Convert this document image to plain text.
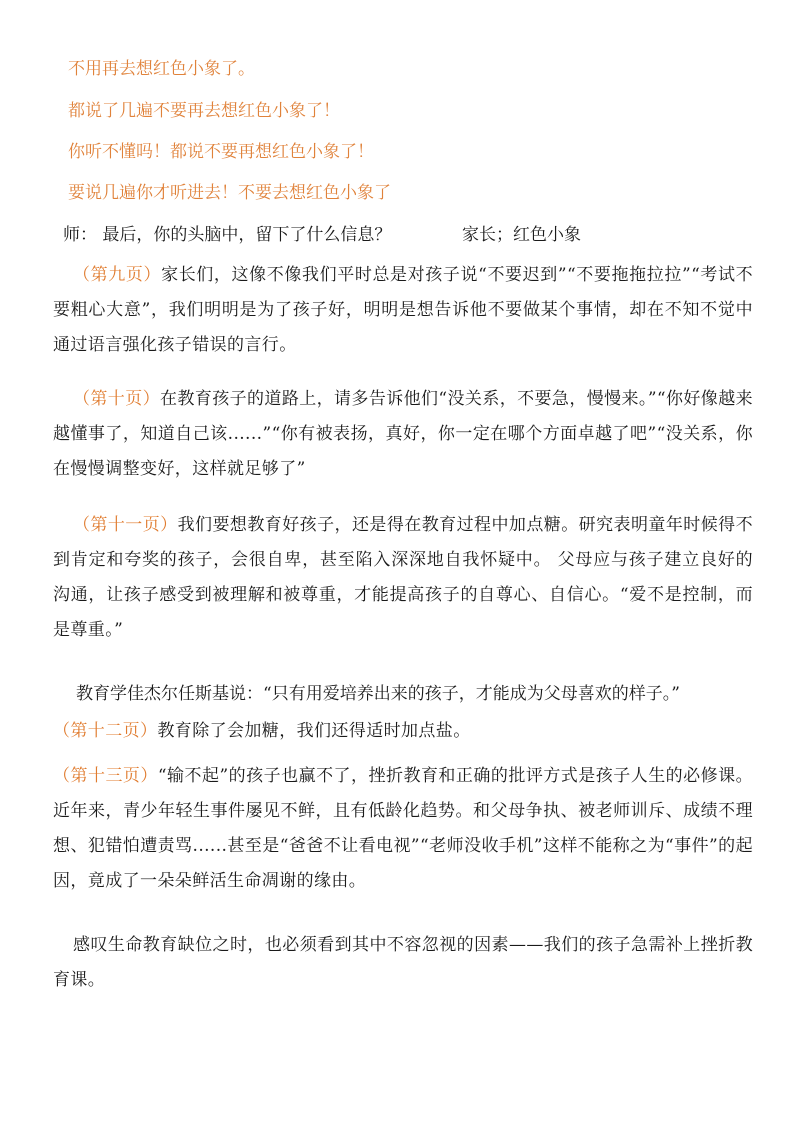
不用再去想红色小象了。
都说了几遍不要再去想红色小象了！
你听不懂吗！都说不要再想红色小象了！
要说几遍你才听进去！不要去想红色小象了
师： 最后，你的头脑中，留下了什么信息？	家长；红色小象
（第九页）家长们，这像不像我们平时总是对孩子说“不要迟到”“不要拖拖拉拉”“考试不要粗心大意”，我们明明是为了孩子好，明明是想告诉他不要做某个事情，却在不知不觉中通过语言强化孩子错误的言行。
（第十页）在教育孩子的道路上，请多告诉他们“没关系，不要急，慢慢来。”“你好像越来越懂事了，知道自己该......”“你有被表扬，真好，你一定在哪个方面卓越了吧”“没关系，你在慢慢调整变好，这样就足够了”
（第十一页）我们要想教育好孩子，还是得在教育过程中加点糖。研究表明童年时候得不到肯定和夸奖的孩子，会很自卑，甚至陷入深深地自我怀疑中。 父母应与孩子建立良好的沟通，让孩子感受到被理解和被尊重，才能提高孩子的自尊心、自信心。“爱不是控制，而是尊重。”
教育学佳杰尔任斯基说：“只有用爱培养出来的孩子，才能成为父母喜欢的样子。”
（第十二页）教育除了会加糖，我们还得适时加点盐。
（第十三页）“输不起”的孩子也赢不了，挫折教育和正确的批评方式是孩子人生的必修课。近年来，青少年轻生事件屡见不鲜，且有低龄化趋势。和父母争执、被老师训斥、成绩不理想、犯错怕遭责骂......甚至是“爸爸不让看电视”“老师没收手机”这样不能称之为“事件”的起因，竟成了一朵朵鲜活生命凋谢的缘由。
感叹生命教育缺位之时，也必须看到其中不容忽视的因素——我们的孩子急需补上挫折教育课。
